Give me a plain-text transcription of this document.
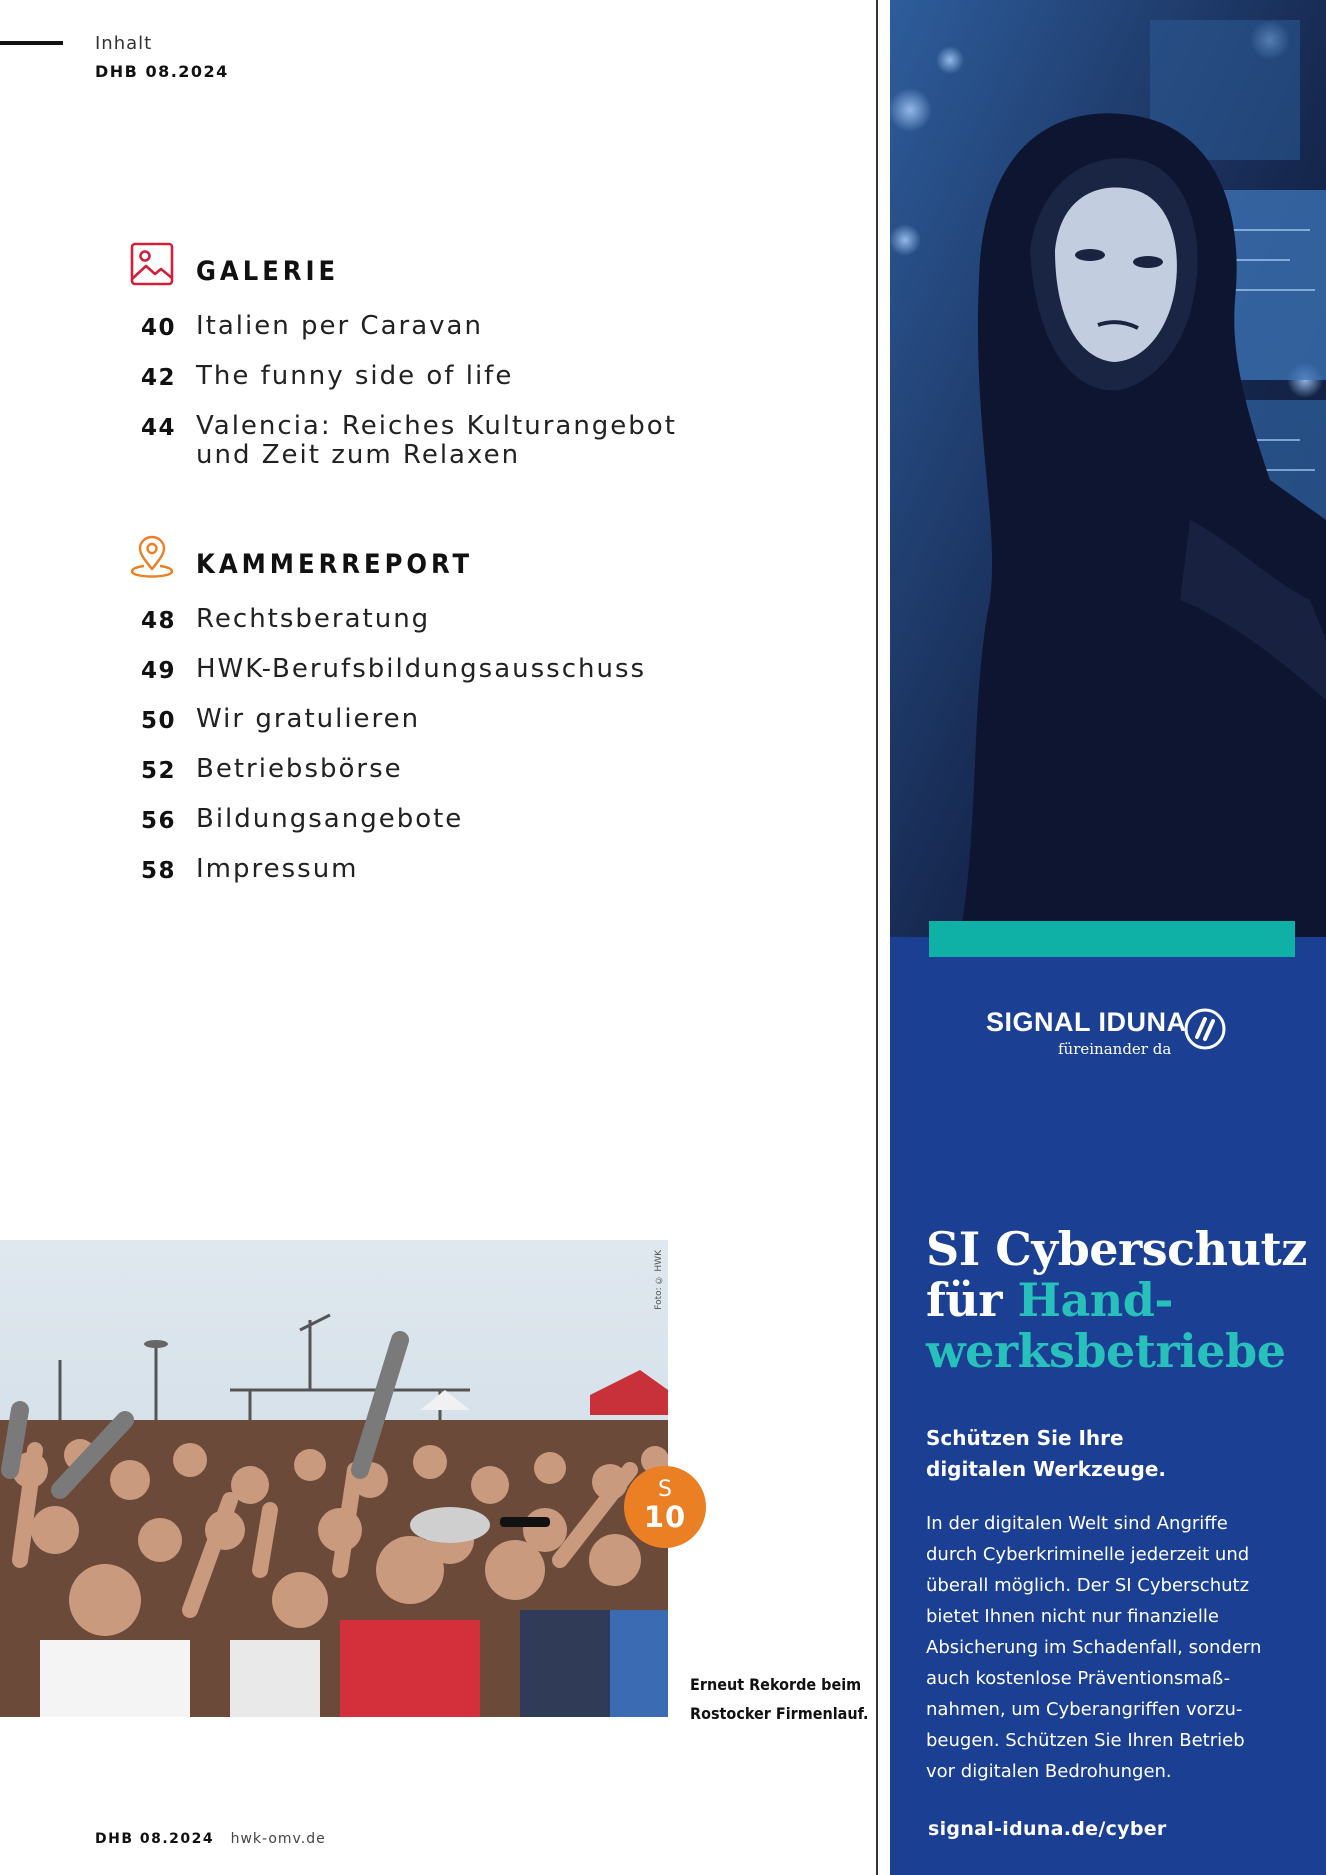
Inhalt
DHB 08.2024
GALERIE
40 Italien per Caravan
42 The funny side of life
44 Valencia: Reiches Kulturangebot
und Zeit zum Relaxen
KAMMERREPORT
48 Rechtsberatung
49 HWK-Berufsbildungsausschuss
50 Wir gratulieren
52 Betriebsbörse
56 Bildungsangebote
58 Impressum
Foto: © HWK
S
10
Erneut Rekorde beim
Rostocker Firmenlauf.
DHB 08.2024 hwk-omv.de
SIGNAL IDUNA
füreinander da
SI Cyberschutz
für Hand-
werksbetriebe
Schützen Sie Ihre
digitalen Werkzeuge.
In der digitalen Welt sind Angriffe
durch Cyberkriminelle jederzeit und
überall möglich. Der SI Cyberschutz
bietet Ihnen nicht nur finanzielle
Absicherung im Schadenfall, sondern
auch kostenlose Präventionsmaß-
nahmen, um Cyberangriffen vorzu-
beugen. Schützen Sie Ihren Betrieb
vor digitalen Bedrohungen.
signal-iduna.de/cyber
